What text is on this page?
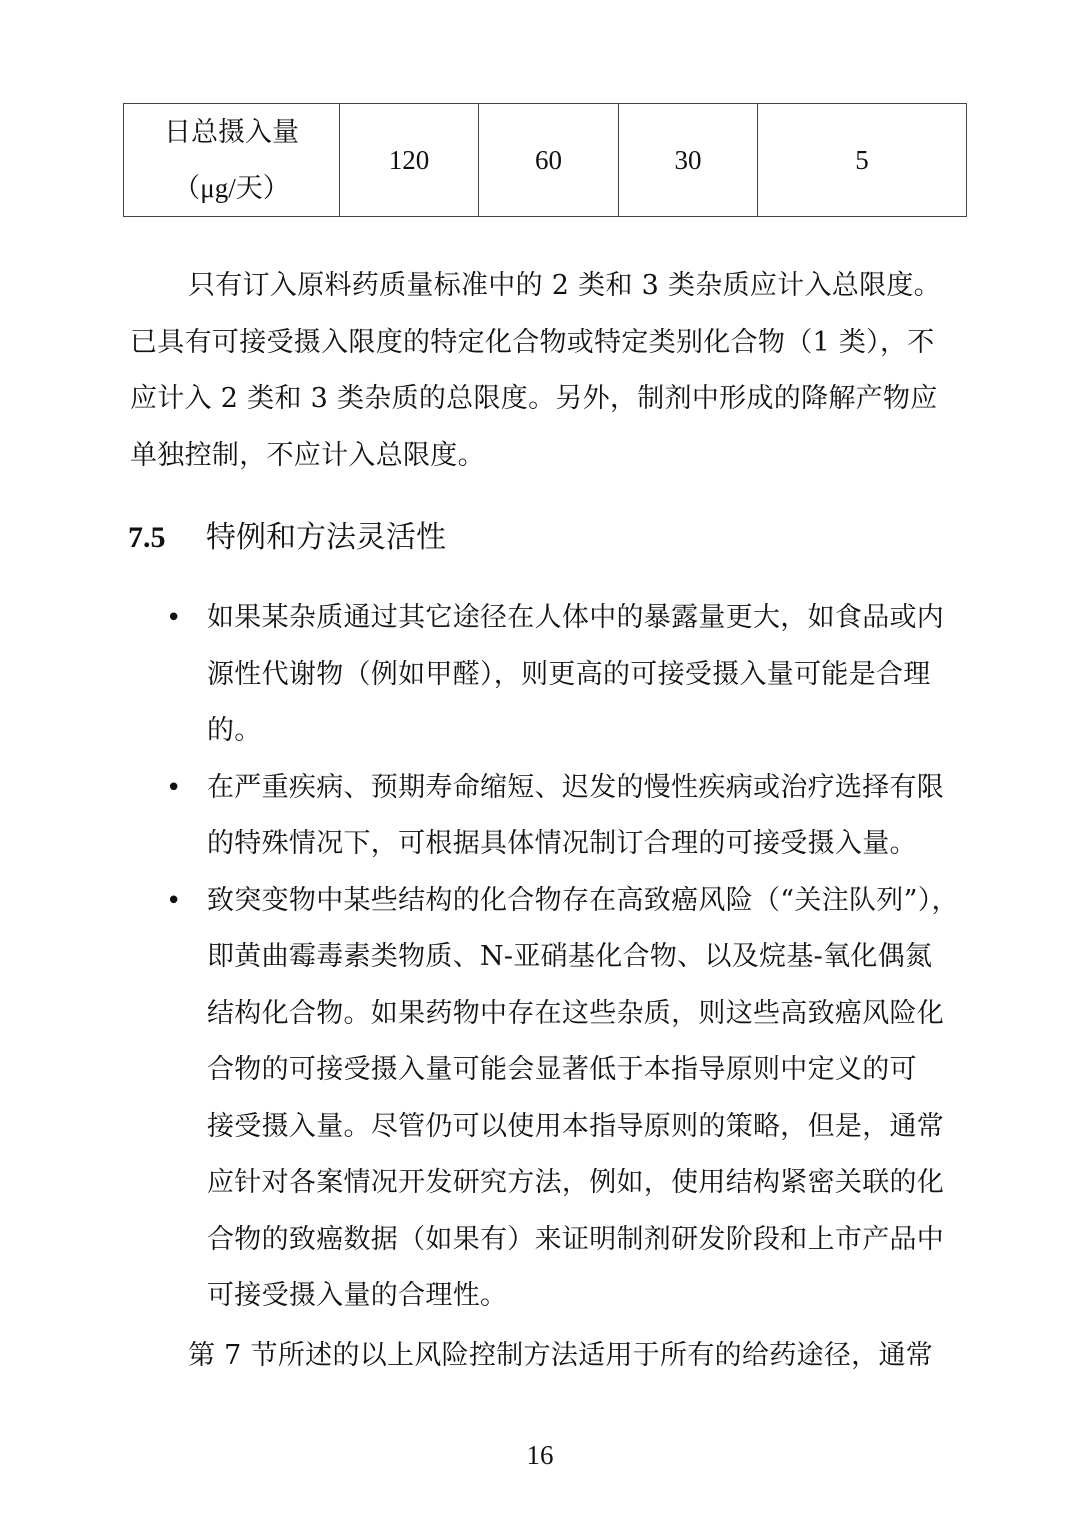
日总摄入量
（μg/天）
	120	60	30	5

只有订入原料药质量标准中的 2 类和 3 类杂质应计入总限度。
已具有可接受摄入限度的特定化合物或特定类别化合物（1 类），不
应计入 2 类和 3 类杂质的总限度。另外，制剂中形成的降解产物应
单独控制，不应计入总限度。

7.5 特例和方法灵活性
• 如果某杂质通过其它途径在人体中的暴露量更大，如食品或内
源性代谢物（例如甲醛），则更高的可接受摄入量可能是合理
的。
• 在严重疾病、预期寿命缩短、迟发的慢性疾病或治疗选择有限
的特殊情况下，可根据具体情况制订合理的可接受摄入量。
• 致突变物中某些结构的化合物存在高致癌风险（“关注队列”），
即黄曲霉毒素类物质、N-亚硝基化合物、以及烷基-氧化偶氮
结构化合物。如果药物中存在这些杂质，则这些高致癌风险化
合物的可接受摄入量可能会显著低于本指导原则中定义的可
接受摄入量。尽管仍可以使用本指导原则的策略，但是，通常
应针对各案情况开发研究方法，例如，使用结构紧密关联的化
合物的致癌数据（如果有）来证明制剂研发阶段和上市产品中
可接受摄入量的合理性。

第 7 节所述的以上风险控制方法适用于所有的给药途径，通常

16
